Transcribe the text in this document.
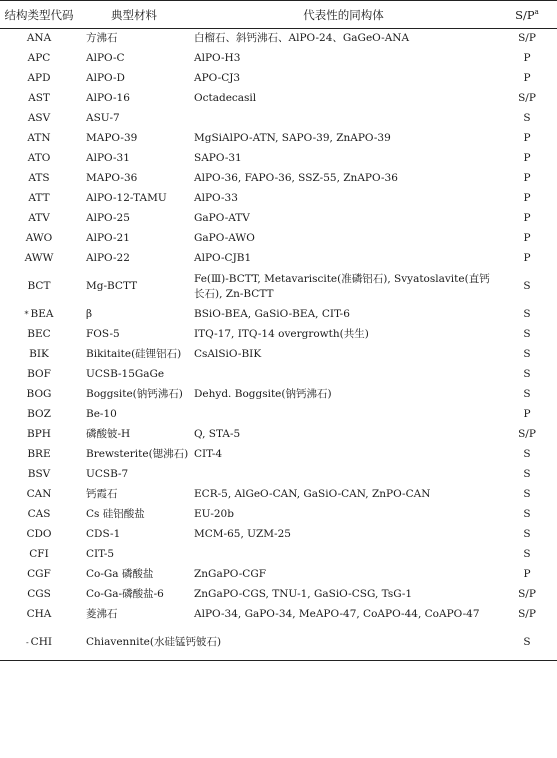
结构类型代码	典型材料	代表性的同构体	$S/P^a$
ANA	方沸石	白榴石、斜钙沸石、AlPO-24、GaGeO-ANA	S/P
APC	AlPO-C	AlPO-H3	P
APD	AlPO-D	APO-CJ3	P
AST	AlPO-16	Octadecasil	S/P
ASV	ASU-7		S
ATN	MAPO-39	MgSiAlPO-ATN, SAPO-39, ZnAPO-39	P
ATO	AlPO-31	SAPO-31	P
ATS	MAPO-36	AlPO-36, FAPO-36, SSZ-55, ZnAPO-36	P
ATT	AlPO-12-TAMU	AlPO-33	P
ATV	AlPO-25	GaPO-ATV	P
AWO	AlPO-21	GaPO-AWO	P
AWW	AlPO-22	AlPO-CJB1	P
BCT	Mg-BCTT	Fe(Ⅲ)-BCTT, Metavariscite(准磷铝石), Svyatoslavite(直钙长石), Zn-BCTT	S
* BEA	β	BSiO-BEA, GaSiO-BEA, CIT-6	S
BEC	FOS-5	ITQ-17, ITQ-14 overgrowth(共生)	S
BIK	Bikitaite(硅锂铝石)	CsAlSiO-BIK	S
BOF	UCSB-15GaGe		S
BOG	Boggsite(钠钙沸石)	Dehyd. Boggsite(钠钙沸石)	S
BOZ	Be-10		P
BPH	磷酸铍-H	Q, STA-5	S/P
BRE	Brewsterite(锶沸石)	CIT-4	S
BSV	UCSB-7		S
CAN	钙霞石	ECR-5, AlGeO-CAN, GaSiO-CAN, ZnPO-CAN	S
CAS	Cs 硅铝酸盐	EU-20b	S
CDO	CDS-1	MCM-65, UZM-25	S
CFI	CIT-5		S
CGF	Co-Ga 磷酸盐	ZnGaPO-CGF	P
CGS	Co-Ga-磷酸盐-6	ZnGaPO-CGS, TNU-1, GaSiO-CSG, TsG-1	S/P
CHA	菱沸石	AlPO-34, GaPO-34, MeAPO-47, CoAPO-44, CoAPO-47	S/P
- CHI	Chiavennite(水硅锰钙铍石)		S
